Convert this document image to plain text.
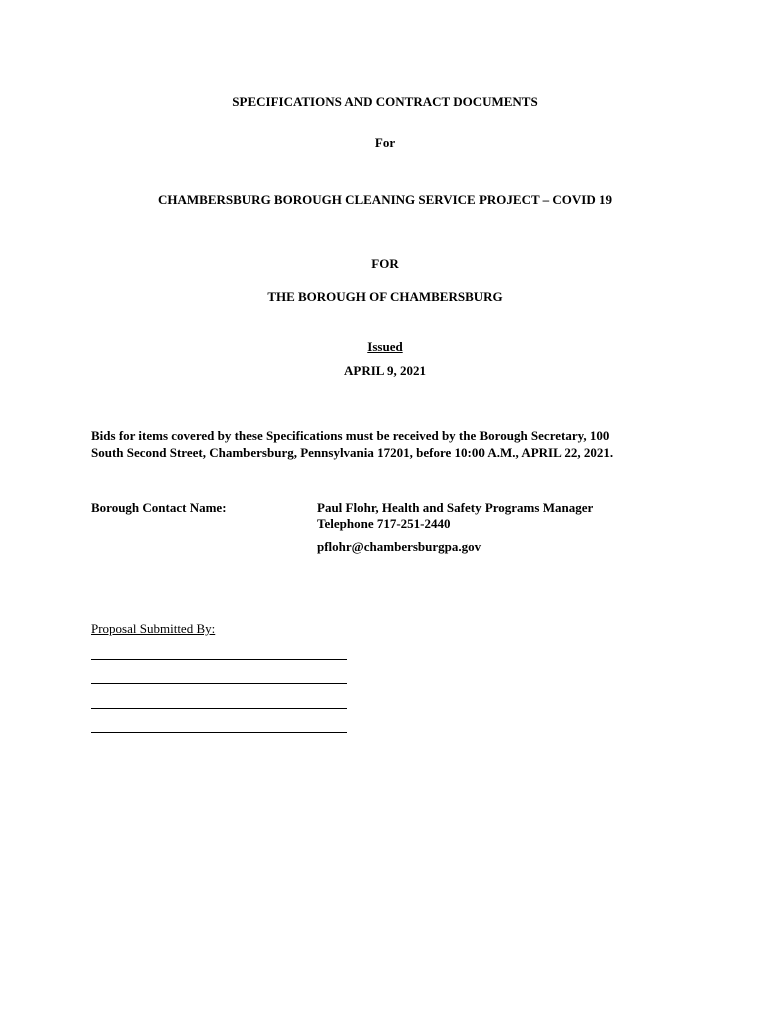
SPECIFICATIONS AND CONTRACT DOCUMENTS
For
CHAMBERSBURG BOROUGH CLEANING SERVICE PROJECT – COVID 19
FOR
THE BOROUGH OF CHAMBERSBURG
Issued
APRIL 9, 2021
Bids for items covered by these Specifications must be received by the Borough Secretary, 100
South Second Street, Chambersburg, Pennsylvania 17201, before 10:00 A.M., APRIL 22, 2021.
Borough Contact Name:	Paul Flohr, Health and Safety Programs Manager
Telephone 717-251-2440
pflohr@chambersburgpa.gov
Proposal Submitted By:
